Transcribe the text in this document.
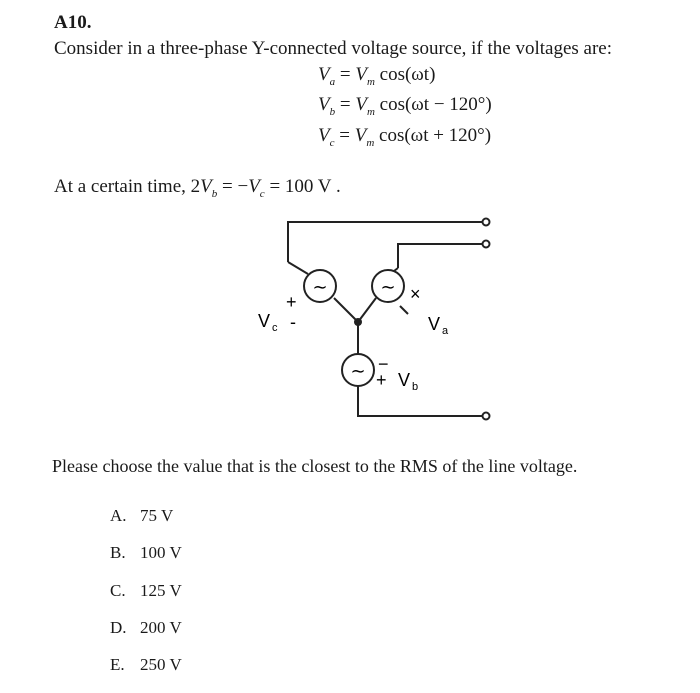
A10.
Consider in a three-phase Y-connected voltage source, if the voltages are:
$V_a = V_m$ cos(ωt)
$V_b = V_m$ cos(ωt − 120°)
$V_c = V_m$ cos(ωt + 120°)
At a certain time, $2V_b = -V_c = 100$ V .
∼	∼
∼
V c
+
-
×
V a
−
+ V b
Please choose the value that is the closest to the RMS of the line voltage.
A. 75 V
B. 100 V
C. 125 V
D. 200 V
E. 250 V
